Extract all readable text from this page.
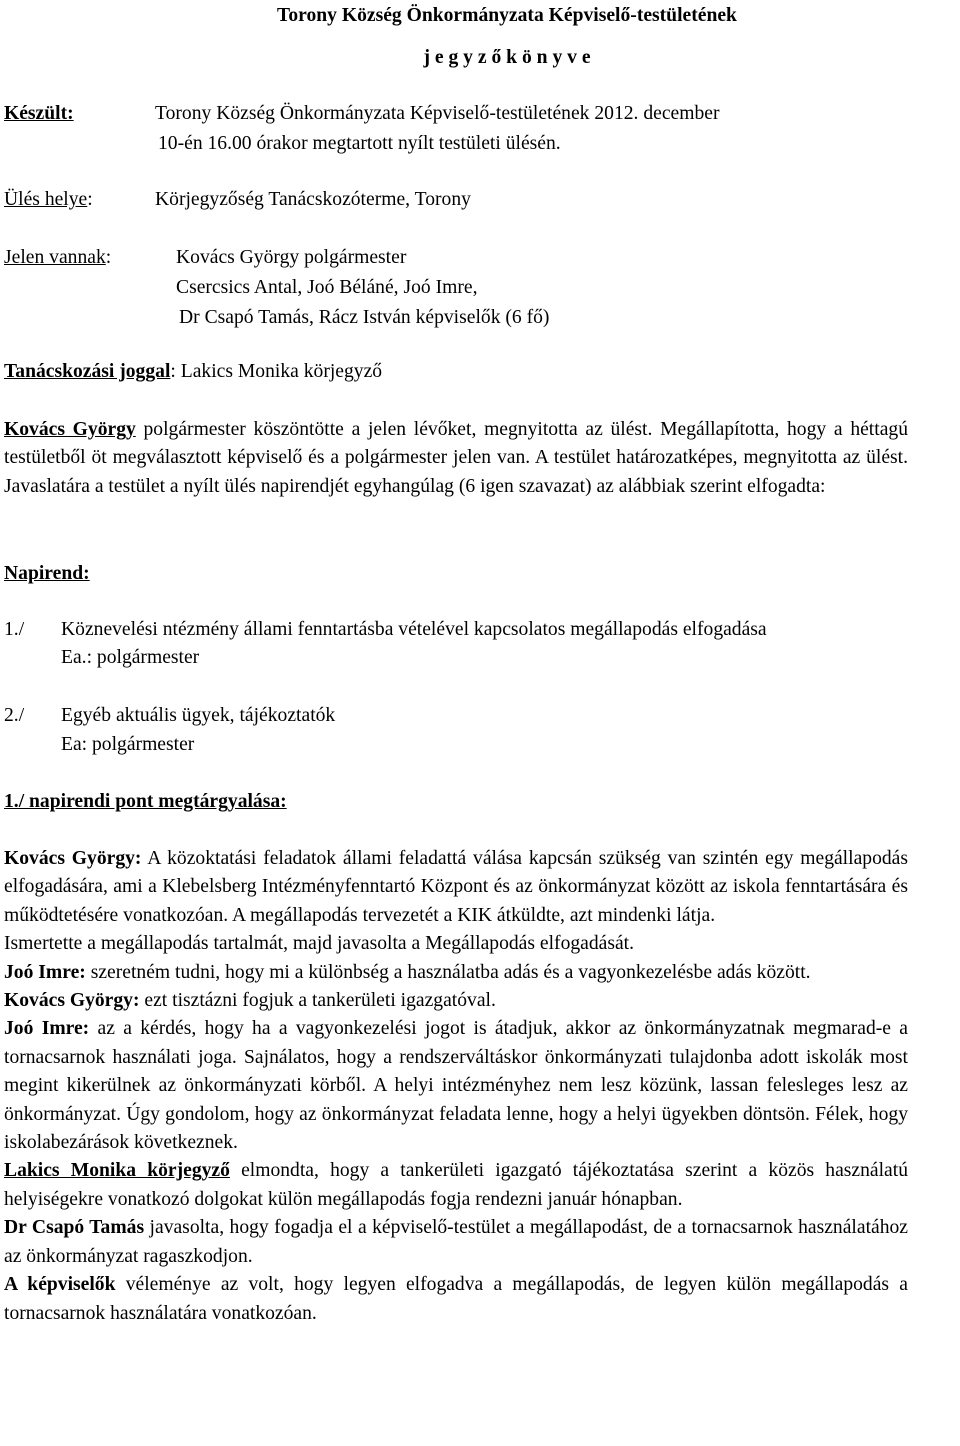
Torony Község Önkormányzata Képviselő-testületének
j e g y z ő k ö n y v e
Készült:	Torony Község Önkormányzata Képviselő-testületének 2012. december
10-én 16.00 órakor megtartott nyílt testületi ülésén.
Ülés helye:	Körjegyzőség Tanácskozóterme, Torony
Jelen vannak:	Kovács György polgármester
Csercsics Antal, Joó Béláné, Joó Imre,
Dr Csapó Tamás, Rácz István képviselők (6 fő)
Tanácskozási joggal: Lakics Monika körjegyző
Kovács György polgármester köszöntötte a jelen lévőket, megnyitotta az ülést. Megállapította, hogy a héttagú testületből öt megválasztott képviselő és a polgármester jelen van. A testület határozatképes, megnyitotta az ülést. Javaslatára a testület a nyílt ülés napirendjét egyhangúlag (6 igen szavazat) az alábbiak szerint elfogadta:
Napirend:
1./ Köznevelési ntézmény állami fenntartásba vételével kapcsolatos megállapodás elfogadása
Ea.: polgármester
2./ Egyéb aktuális ügyek, tájékoztatók
Ea: polgármester
1./ napirendi pont megtárgyalása:
Kovács György: A közoktatási feladatok állami feladattá válása kapcsán szükség van szintén egy megállapodás elfogadására, ami a Klebelsberg Intézményfenntartó Központ és az önkormányzat között az iskola fenntartására és működtetésére vonatkozóan. A megállapodás tervezetét a KIK átküldte, azt mindenki látja.
Ismertette a megállapodás tartalmát, majd javasolta a Megállapodás elfogadását.
Joó Imre: szeretném tudni, hogy mi a különbség a használatba adás és a vagyonkezelésbe adás között.
Kovács György: ezt tisztázni fogjuk a tankerületi igazgatóval.
Joó Imre: az a kérdés, hogy ha a vagyonkezelési jogot is átadjuk, akkor az önkormányzatnak megmarad-e a tornacsarnok használati joga. Sajnálatos, hogy a rendszerváltáskor önkormányzati tulajdonba adott iskolák most megint kikerülnek az önkormányzati körből. A helyi intézményhez nem lesz közünk, lassan felesleges lesz az önkormányzat. Úgy gondolom, hogy az önkormányzat feladata lenne, hogy a helyi ügyekben döntsön. Félek, hogy iskolabezárások következnek.
Lakics Monika körjegyző elmondta, hogy a tankerületi igazgató tájékoztatása szerint a közös használatú helyiségekre vonatkozó dolgokat külön megállapodás fogja rendezni január hónapban.
Dr Csapó Tamás javasolta, hogy fogadja el a képviselő-testület a megállapodást, de a tornacsarnok használatához az önkormányzat ragaszkodjon.
A képviselők véleménye az volt, hogy legyen elfogadva a megállapodás, de legyen külön megállapodás a tornacsarnok használatára vonatkozóan.
